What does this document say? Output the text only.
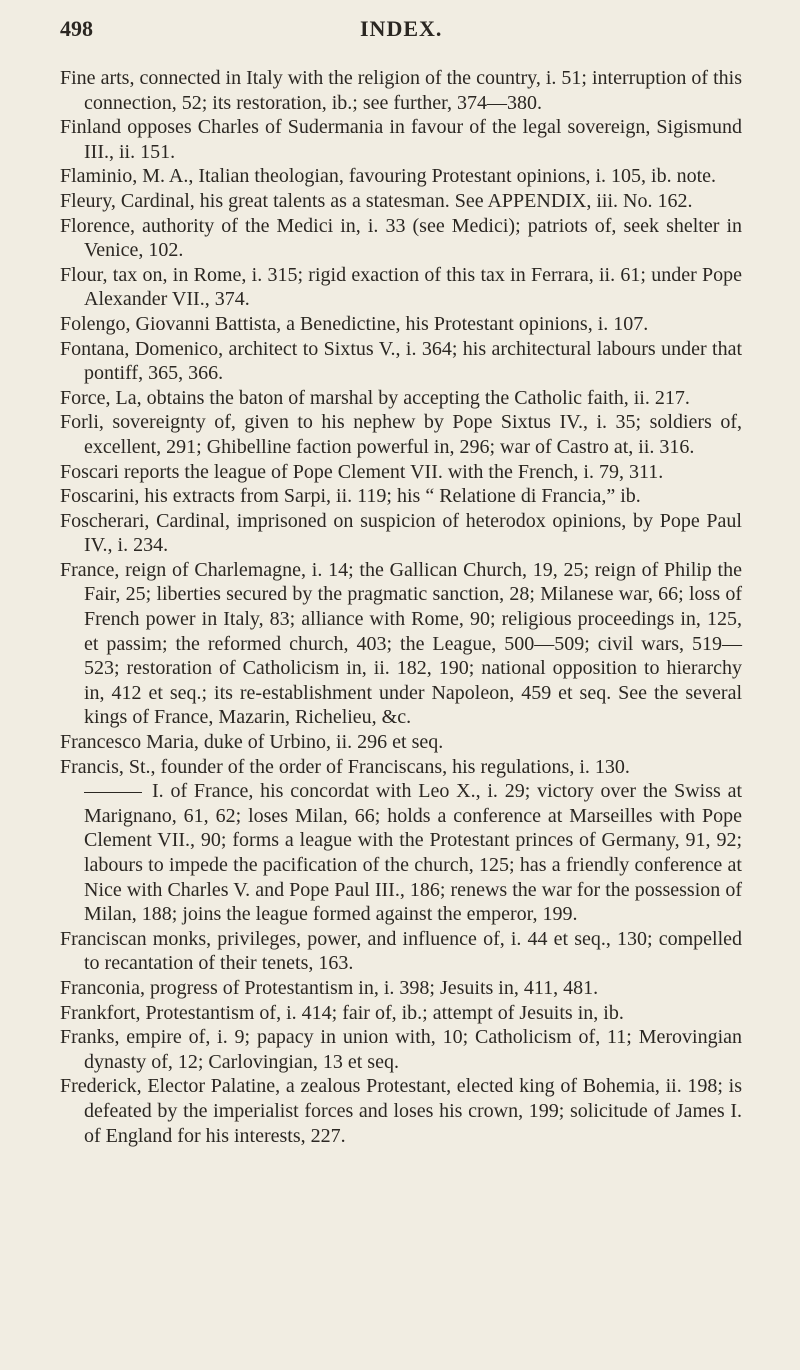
498	INDEX.

Fine arts, connected in Italy with the religion of the country, i. 51; interruption of this connection, 52; its restoration, ib.; see further, 374—380.

Finland opposes Charles of Sudermania in favour of the legal sovereign, Sigismund III., ii. 151.

Flaminio, M. A., Italian theologian, favouring Protestant opinions, i. 105, ib. note.

Fleury, Cardinal, his great talents as a statesman. See APPENDIX, iii. No. 162.

Florence, authority of the Medici in, i. 33 (see Medici); patriots of, seek shelter in Venice, 102.

Flour, tax on, in Rome, i. 315; rigid exaction of this tax in Ferrara, ii. 61; under Pope Alexander VII., 374.

Folengo, Giovanni Battista, a Benedictine, his Protestant opinions, i. 107.

Fontana, Domenico, architect to Sixtus V., i. 364; his architectural labours under that pontiff, 365, 366.

Force, La, obtains the baton of marshal by accepting the Catholic faith, ii. 217.

Forli, sovereignty of, given to his nephew by Pope Sixtus IV., i. 35; soldiers of, excellent, 291; Ghibelline faction powerful in, 296; war of Castro at, ii. 316.

Foscari reports the league of Pope Clement VII. with the French, i. 79, 311.

Foscarini, his extracts from Sarpi, ii. 119; his “ Relatione di Francia,” ib.

Foscherari, Cardinal, imprisoned on suspicion of heterodox opinions, by Pope Paul IV., i. 234.

France, reign of Charlemagne, i. 14; the Gallican Church, 19, 25; reign of Philip the Fair, 25; liberties secured by the pragmatic sanction, 28; Milanese war, 66; loss of French power in Italy, 83; alliance with Rome, 90; religious proceedings in, 125, et passim; the reformed church, 403; the League, 500—509; civil wars, 519—523; restoration of Catholicism in, ii. 182, 190; national opposition to hierarchy in, 412 et seq.; its re-establishment under Napoleon, 459 et seq. See the several kings of France, Mazarin, Richelieu, &c.

Francesco Maria, duke of Urbino, ii. 296 et seq.

Francis, St., founder of the order of Franciscans, his regulations, i. 130.

I. of France, his concordat with Leo X., i. 29; victory over the Swiss at Marignano, 61, 62; loses Milan, 66; holds a conference at Marseilles with Pope Clement VII., 90; forms a league with the Protestant princes of Germany, 91, 92; labours to impede the pacification of the church, 125; has a friendly conference at Nice with Charles V. and Pope Paul III., 186; renews the war for the possession of Milan, 188; joins the league formed against the emperor, 199.

Franciscan monks, privileges, power, and influence of, i. 44 et seq., 130; compelled to recantation of their tenets, 163.

Franconia, progress of Protestantism in, i. 398; Jesuits in, 411, 481.

Frankfort, Protestantism of, i. 414; fair of, ib.; attempt of Jesuits in, ib.

Franks, empire of, i. 9; papacy in union with, 10; Catholicism of, 11; Merovingian dynasty of, 12; Carlovingian, 13 et seq.

Frederick, Elector Palatine, a zealous Protestant, elected king of Bohemia, ii. 198; is defeated by the imperialist forces and loses his crown, 199; solicitude of James I. of England for his interests, 227.
